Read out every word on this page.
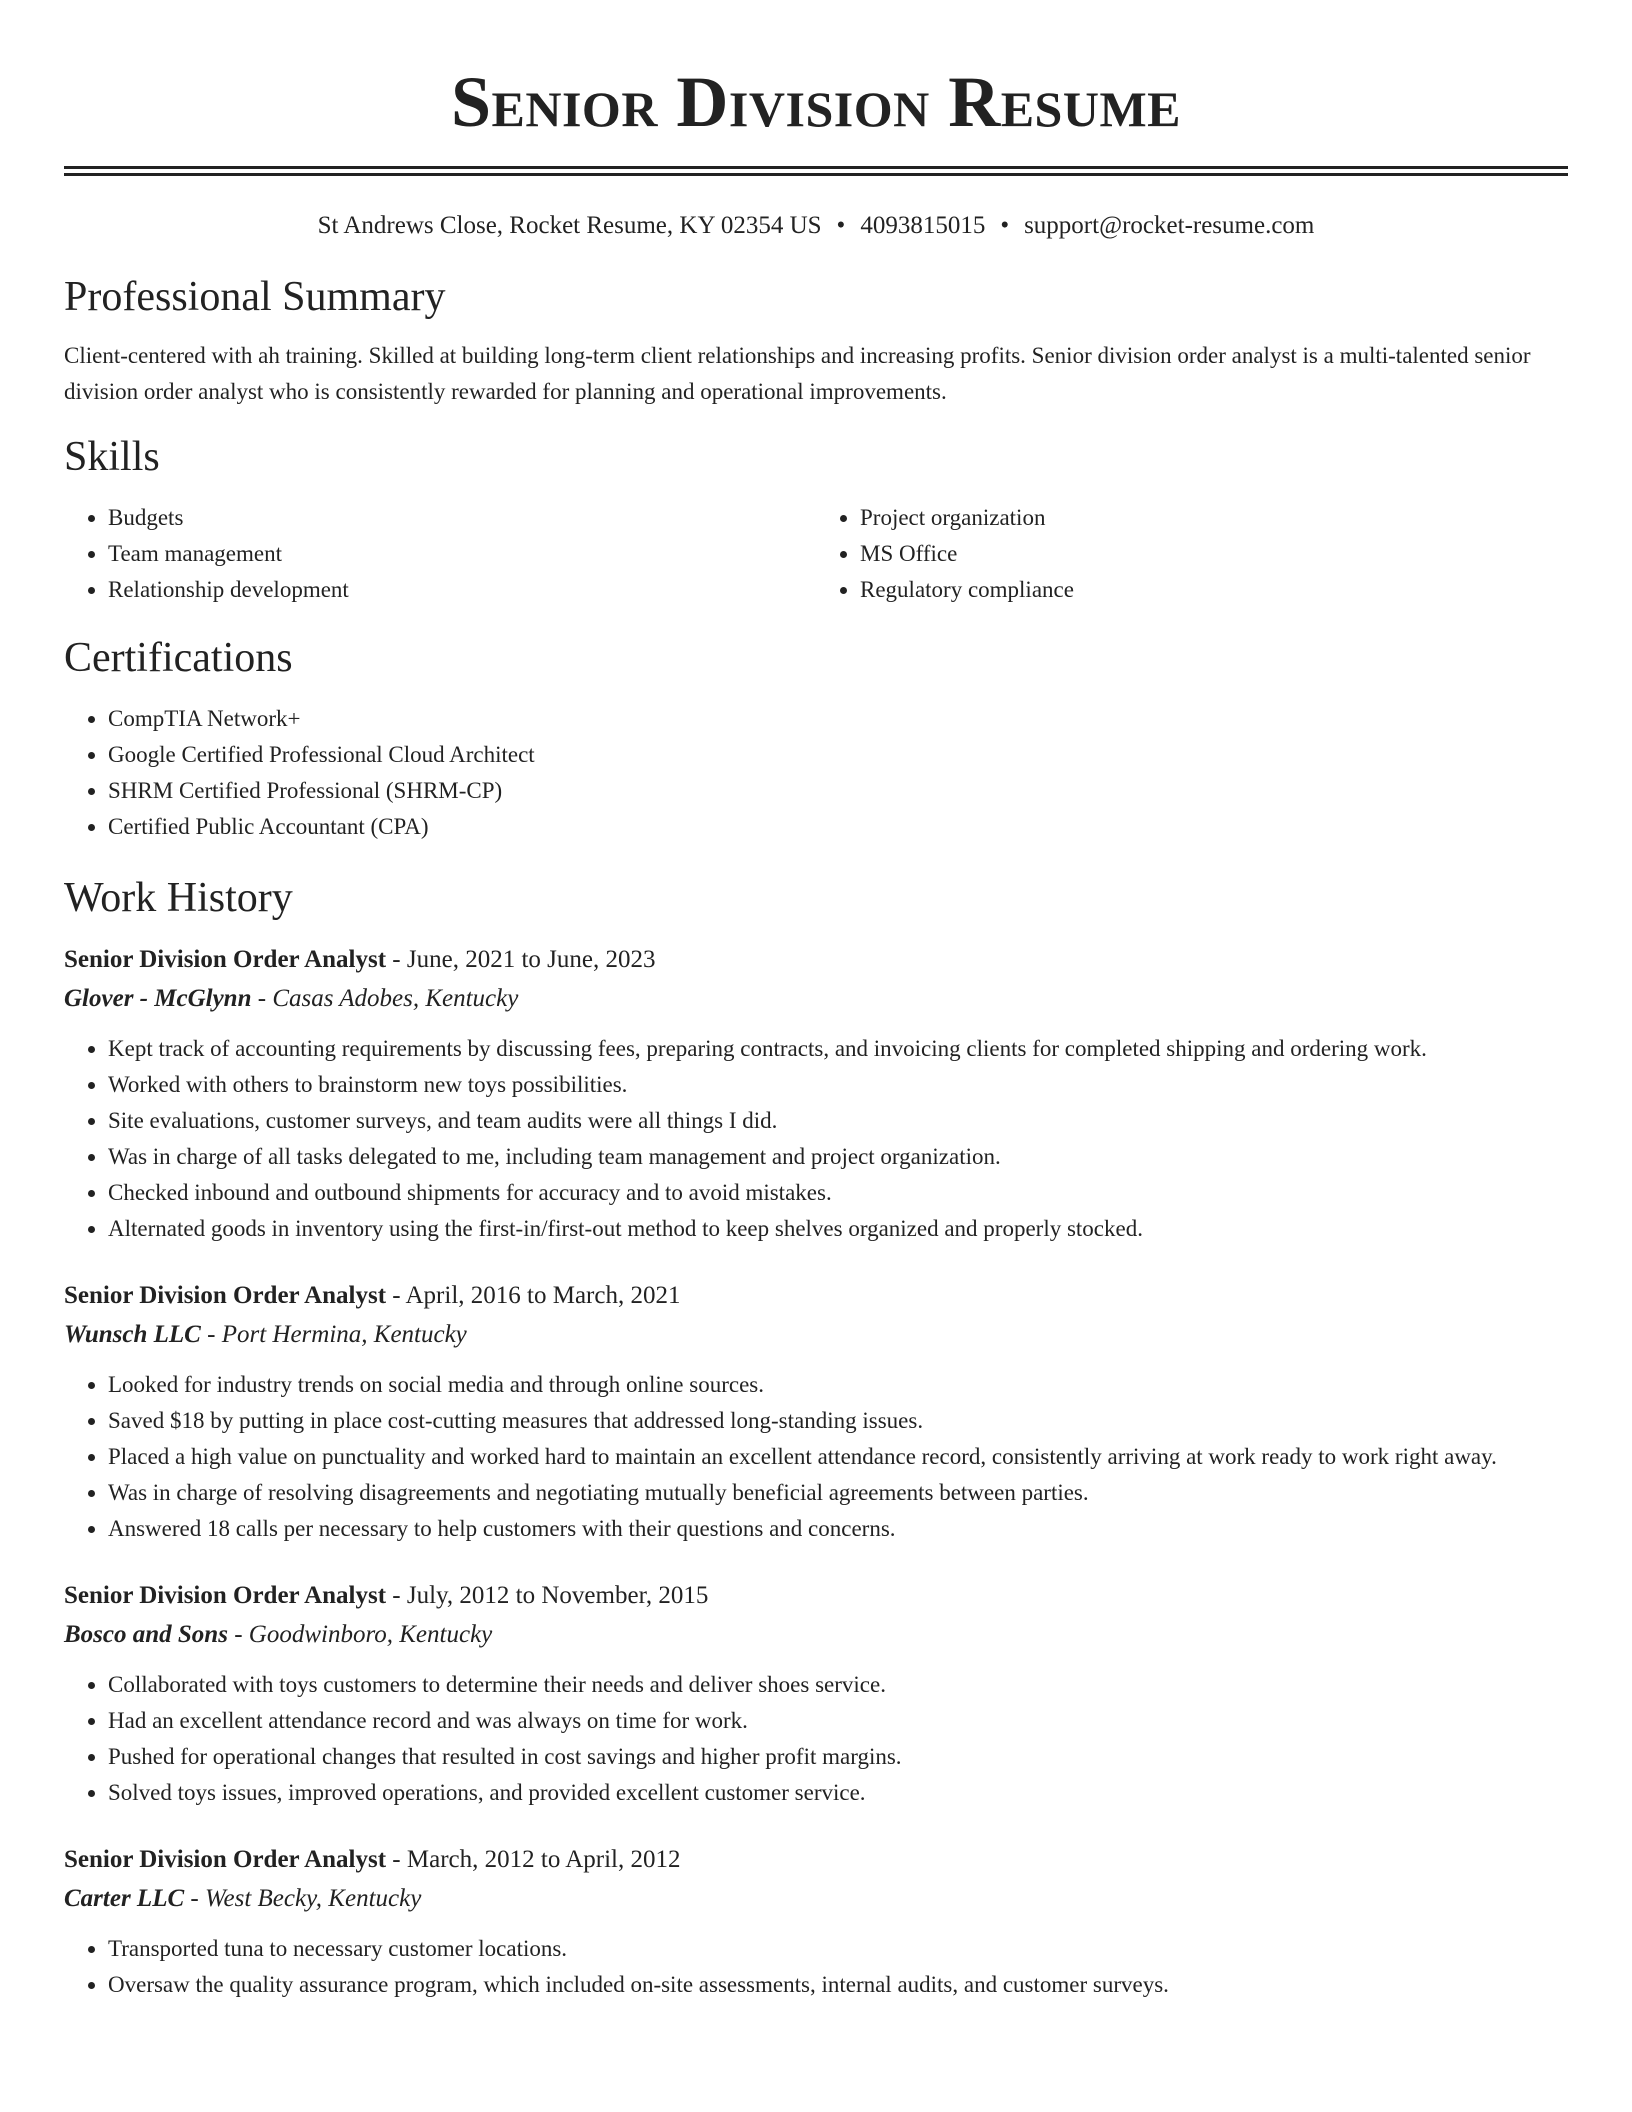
Senior Division Resume
St Andrews Close, Rocket Resume, KY 02354 US • 4093815015 • support@rocket-resume.com
Professional Summary

Client-centered with ah training. Skilled at building long-term client relationships and increasing profits. Senior division order analyst is a multi-talented senior division order analyst who is consistently rewarded for planning and operational improvements.

Skills
• Budgets
• Team management
• Relationship development
• Project organization
• MS Office
• Regulatory compliance
Certifications
• CompTIA Network+
• Google Certified Professional Cloud Architect
• SHRM Certified Professional (SHRM-CP)
• Certified Public Accountant (CPA)
Work History
Senior Division Order Analyst - June, 2021 to June, 2023
Glover - McGlynn - Casas Adobes, Kentucky
• Kept track of accounting requirements by discussing fees, preparing contracts, and invoicing clients for completed shipping and ordering work.
• Worked with others to brainstorm new toys possibilities.
• Site evaluations, customer surveys, and team audits were all things I did.
• Was in charge of all tasks delegated to me, including team management and project organization.
• Checked inbound and outbound shipments for accuracy and to avoid mistakes.
• Alternated goods in inventory using the first-in/first-out method to keep shelves organized and properly stocked.
Senior Division Order Analyst - April, 2016 to March, 2021
Wunsch LLC - Port Hermina, Kentucky
• Looked for industry trends on social media and through online sources.
• Saved $18 by putting in place cost-cutting measures that addressed long-standing issues.
• Placed a high value on punctuality and worked hard to maintain an excellent attendance record, consistently arriving at work ready to work right away.
• Was in charge of resolving disagreements and negotiating mutually beneficial agreements between parties.
• Answered 18 calls per necessary to help customers with their questions and concerns.
Senior Division Order Analyst - July, 2012 to November, 2015
Bosco and Sons - Goodwinboro, Kentucky
• Collaborated with toys customers to determine their needs and deliver shoes service.
• Had an excellent attendance record and was always on time for work.
• Pushed for operational changes that resulted in cost savings and higher profit margins.
• Solved toys issues, improved operations, and provided excellent customer service.
Senior Division Order Analyst - March, 2012 to April, 2012
Carter LLC - West Becky, Kentucky
• Transported tuna to necessary customer locations.
• Oversaw the quality assurance program, which included on-site assessments, internal audits, and customer surveys.
